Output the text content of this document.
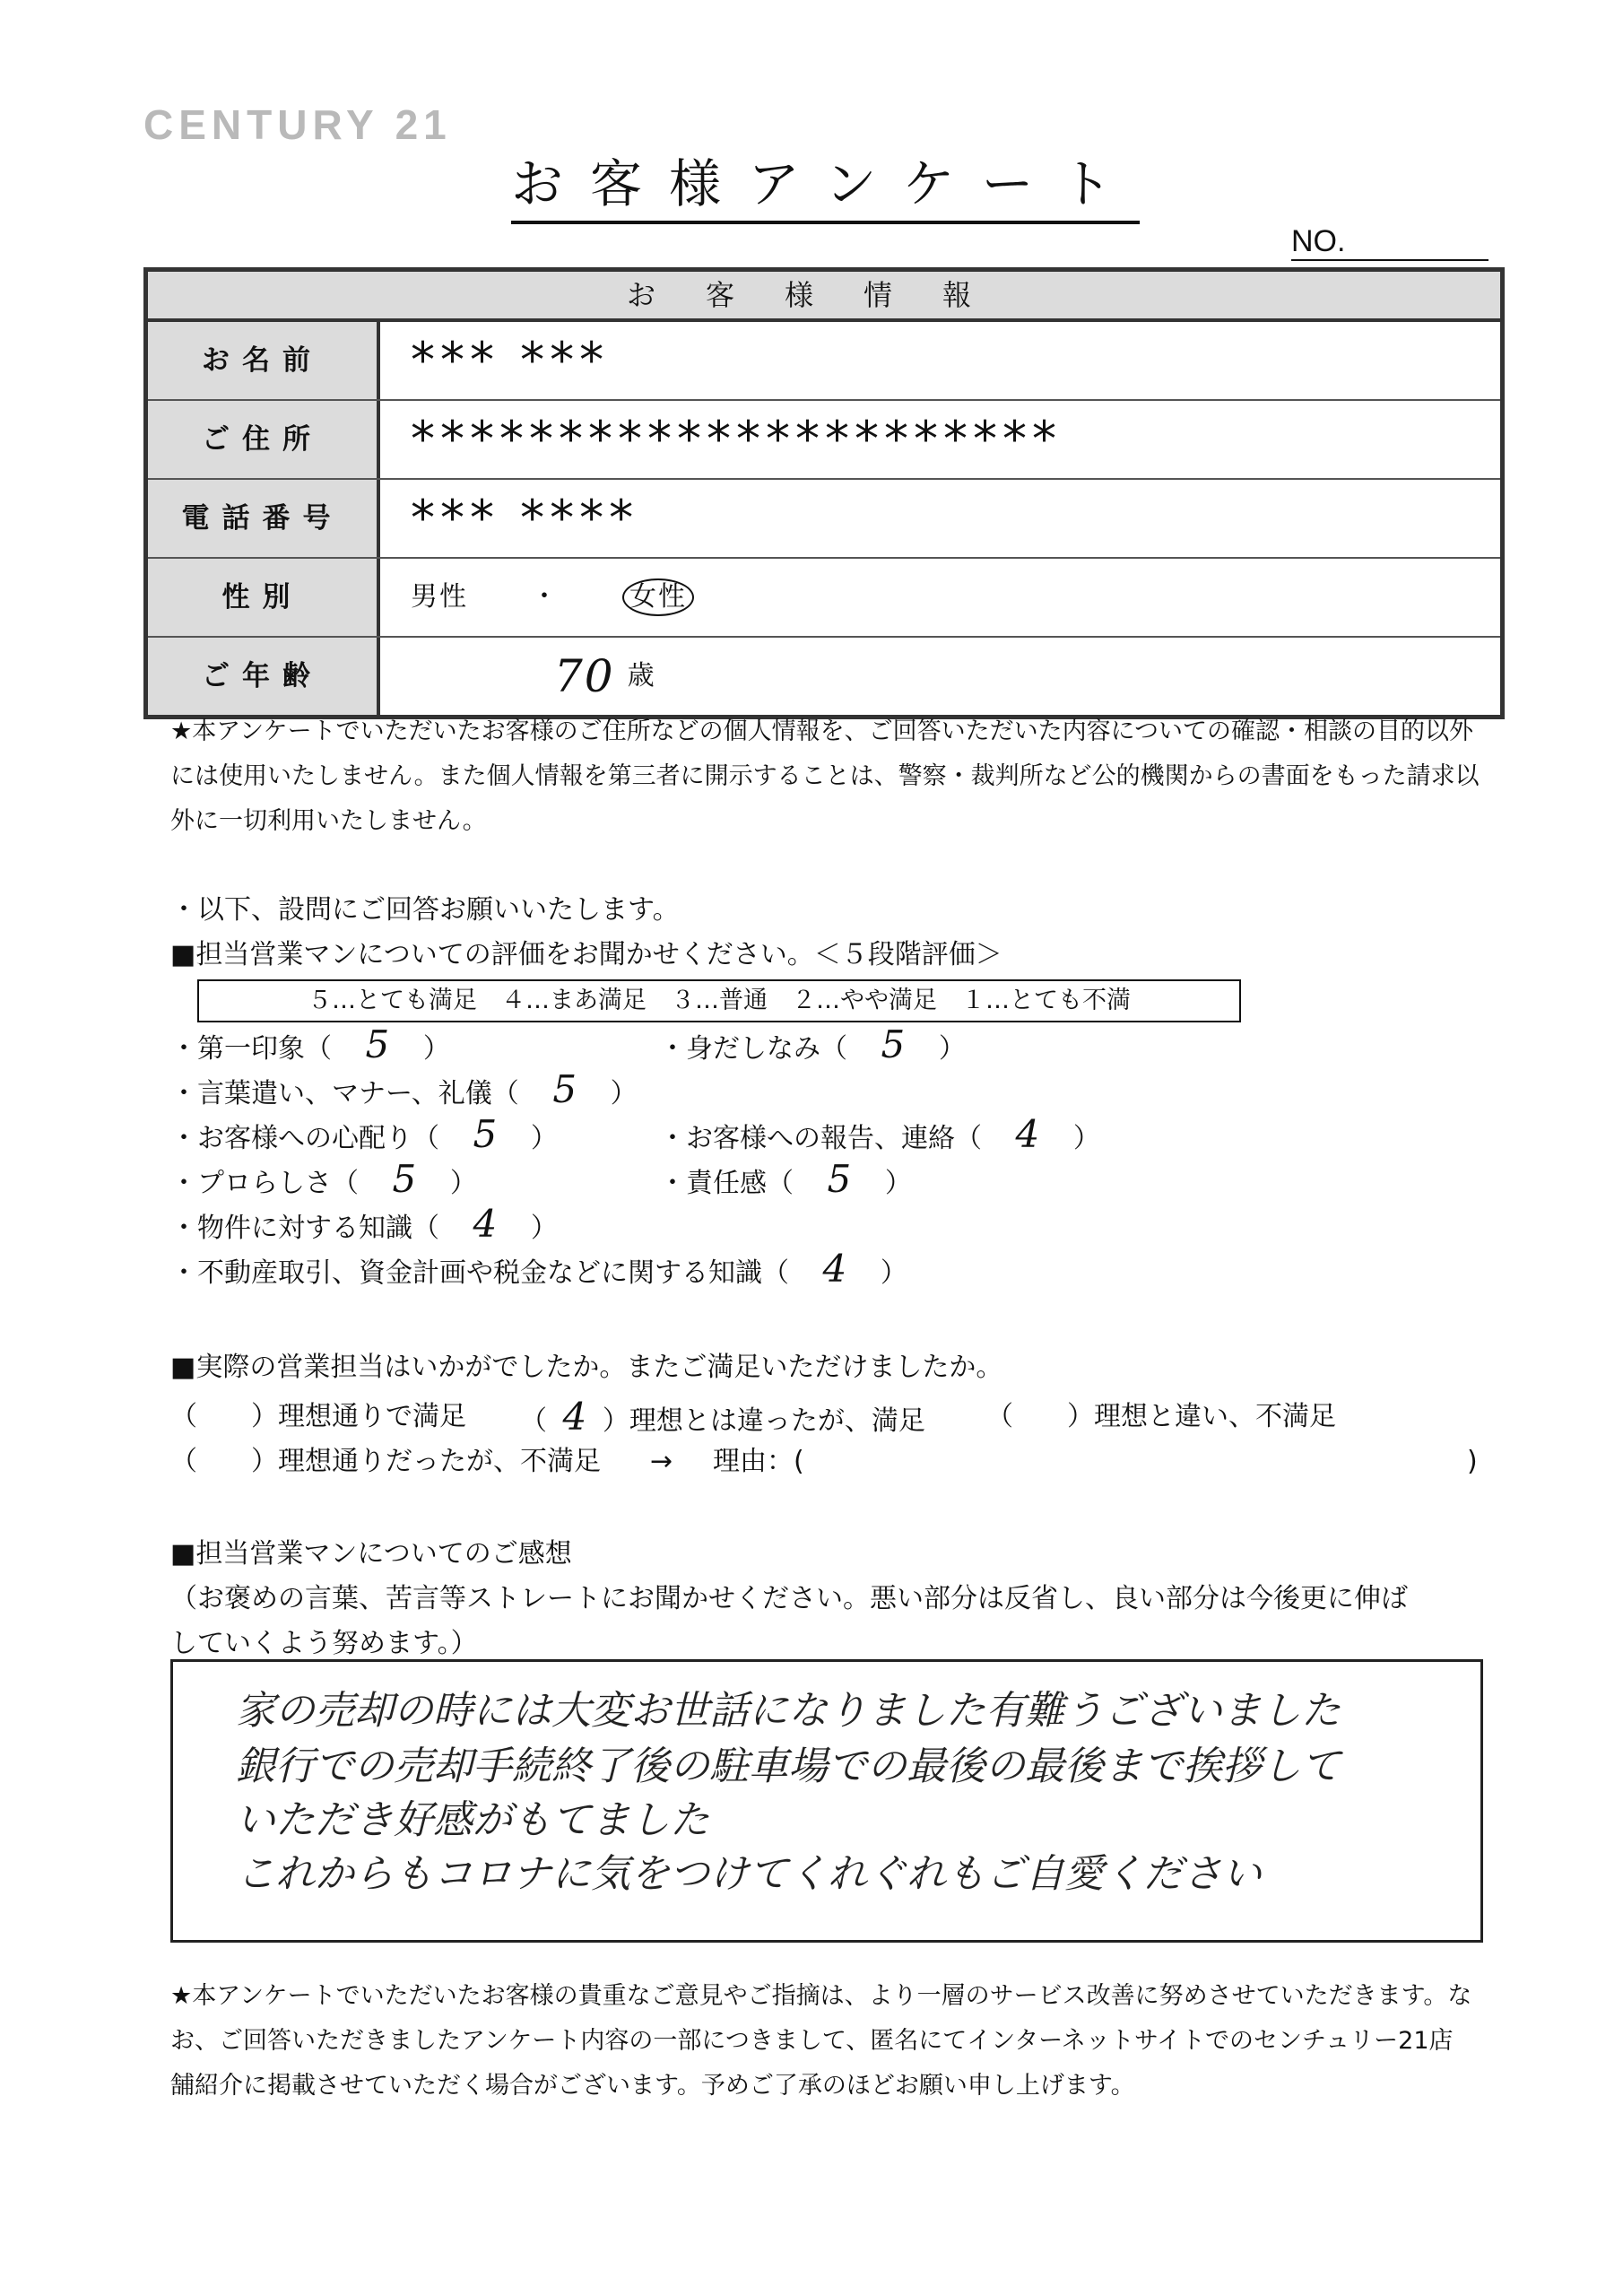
CENTURY 21
お客様アンケート
NO.
お客様情報
お名前	*** ***
ご住所	**********************
電話番号	*** ****
性別	男性 ・	女性
ご年齢	70 歳
★本アンケートでいただいたお客様のご住所などの個人情報を、ご回答いただいた内容についての確認・相談の目的以外
には使用いたしません。また個人情報を第三者に開示することは、警察・裁判所など公的機関からの書面をもった請求以
外に一切利用いたしません。
・以下、設問にご回答お願いいたします。
■担当営業マンについての評価をお聞かせください。＜５段階評価＞
５…とても満足　４…まあ満足　３…普通　２…やや満足　１…とても不満
・第一印象（ 5 ）	・身だしなみ（ 5 ）
・言葉遣い、マナー、礼儀（ 5 ）
・お客様への心配り（ 5 ）	・お客様への報告、連絡（ 4 ）
・プロらしさ（ 5 ）	・責任感（ 5 ）
・物件に対する知識（ 4 ）
・不動産取引、資金計画や税金などに関する知識（ 4 ）
■実際の営業担当はいかがでしたか。またご満足いただけましたか。
（　　）理想通りで満足 （ 4 ）理想とは違ったが、満足 （　　）理想と違い、不満足
（　　）理想通りだったが、不満足 → 理由：(	)
■担当営業マンについてのご感想
（お褒めの言葉、苦言等ストレートにお聞かせください。悪い部分は反省し、良い部分は今後更に伸ば
していくよう努めます。）
家の売却の時には大変お世話になりました有難うございました
銀行での売却手続終了後の駐車場での最後の最後まで挨拶して
いただき好感がもてました
これからもコロナに気をつけてくれぐれもご自愛ください
★本アンケートでいただいたお客様の貴重なご意見やご指摘は、より一層のサービス改善に努めさせていただきます。な
お、ご回答いただきましたアンケート内容の一部につきまして、匿名にてインターネットサイトでのセンチュリー21店
舗紹介に掲載させていただく場合がございます。予めご了承のほどお願い申し上げます。
